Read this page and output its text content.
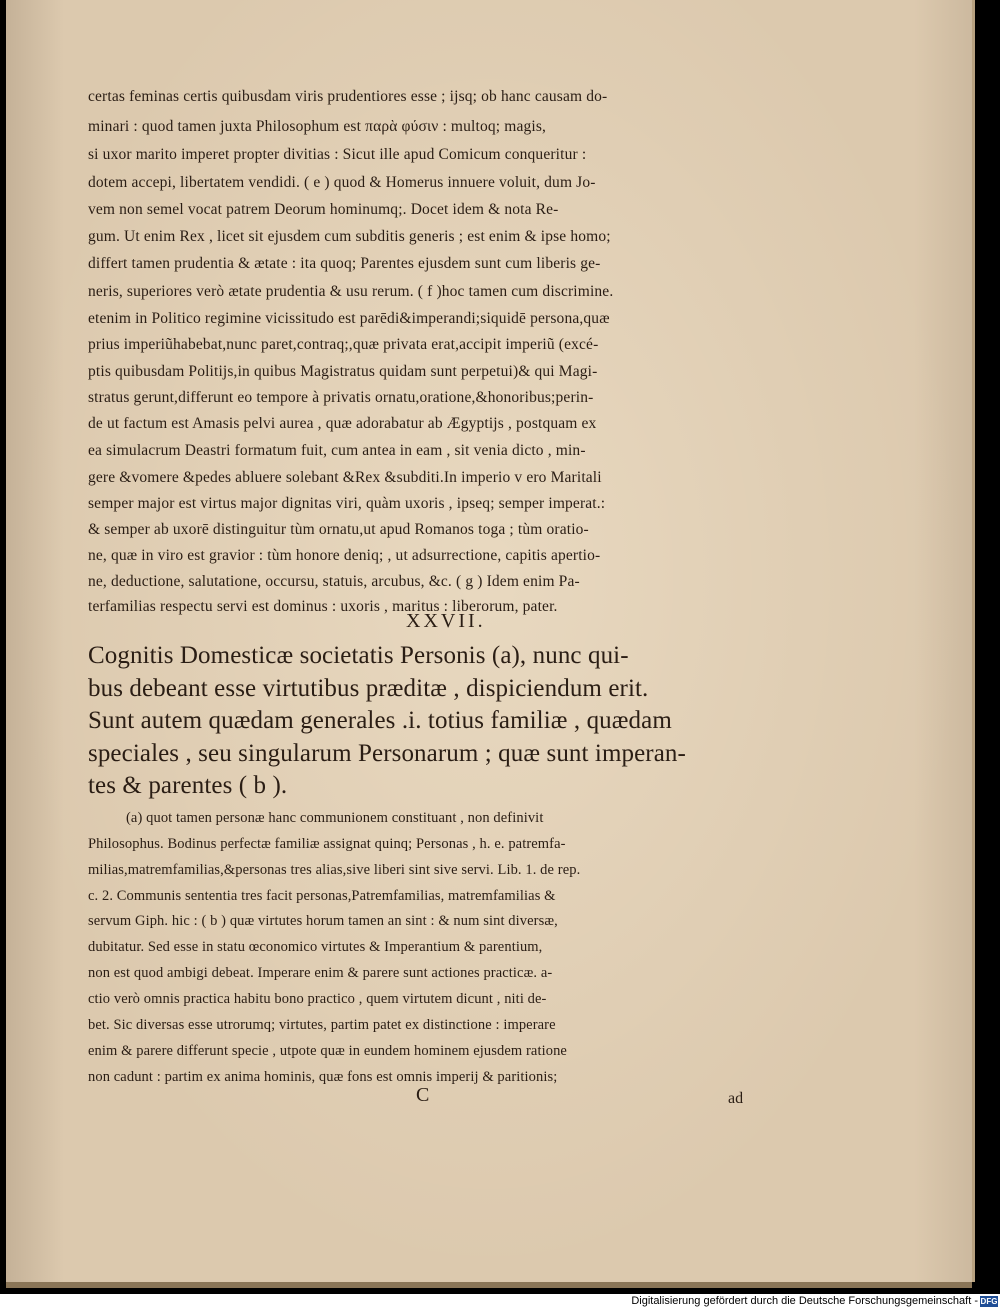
certas feminas certis quibusdam viris prudentiores esse ; ijsq; ob hanc causam do-
minari : quod tamen juxta Philosophum est παρὰ φύσιν : multoq; magis,
si uxor marito imperet propter divitias : Sicut ille apud Comicum conqueritur :
dotem accepi, libertatem vendidi. ( e ) quod & Homerus innuere voluit, dum Jo-
vem non semel vocat patrem Deorum hominumq;. Docet idem & nota Re-
gum. Ut enim Rex , licet sit ejusdem cum subditis generis ; est enim & ipse homo;
differt tamen prudentia & ætate : ita quoq; Parentes ejusdem sunt cum liberis ge-
neris, superiores verò ætate prudentia & usu rerum. ( f )hoc tamen cum discrimine.
etenim in Politico regimine vicissitudo est parēdi&imperandi;siquidē persona,quæ
prius imperiũhabebat,nunc paret,contraq;,quæ privata erat,accipit imperiũ (excé-
ptis quibusdam Politijs,in quibus Magistratus quidam sunt perpetui)& qui Magi-
stratus gerunt,differunt eo tempore à privatis ornatu,oratione,&honoribus;perin-
de ut factum est Amasis pelvi aurea , quæ adorabatur ab Ægyptijs , postquam ex
ea simulacrum Deastri formatum fuit, cum antea in eam , sit venia dicto , min-
gere &vomere &pedes abluere solebant &Rex &subditi.In imperio v ero Maritali
semper major est virtus major dignitas viri, quàm uxoris , ipseq; semper imperat.:
& semper ab uxorē distinguitur tùm ornatu,ut apud Romanos toga ; tùm oratio-
ne, quæ in viro est gravior : tùm honore deniq; , ut adsurrectione, capitis apertio-
ne, deductione, salutatione, occursu, statuis, arcubus, &c. ( g ) Idem enim Pa-
terfamilias respectu servi est dominus : uxoris , maritus : liberorum, pater.
XXVII.
Cognitis Domesticæ societatis Personis (a), nunc qui-
bus debeant esse virtutibus præditæ , dispiciendum erit.
Sunt autem quædam generales .i. totius familiæ , quædam
speciales , seu singularum Personarum ; quæ sunt imperan-
tes & parentes ( b ).
(a) quot tamen personæ hanc communionem constituant , non definivit
Philosophus. Bodinus perfectæ familiæ assignat quinq; Personas , h. e. patremfa-
milias,matremfamilias,&personas tres alias,sive liberi sint sive servi. Lib. 1. de rep.
c. 2. Communis sententia tres facit personas,Patremfamilias, matremfamilias &
servum Giph. hic : ( b ) quæ virtutes horum tamen an sint : & num sint diversæ,
dubitatur. Sed esse in statu œconomico virtutes & Imperantium & parentium,
non est quod ambigi debeat. Imperare enim & parere sunt actiones practicæ. a-
ctio verò omnis practica habitu bono practico , quem virtutem dicunt , niti de-
bet. Sic diversas esse utrorumq; virtutes, partim patet ex distinctione : imperare
enim & parere differunt specie , utpote quæ in eundem hominem ejusdem ratione
non cadunt : partim ex anima hominis, quæ fons est omnis imperij & paritionis;
C	ad
Digitalisierung gefördert durch die Deutsche Forschungsgemeinschaft - DFG
